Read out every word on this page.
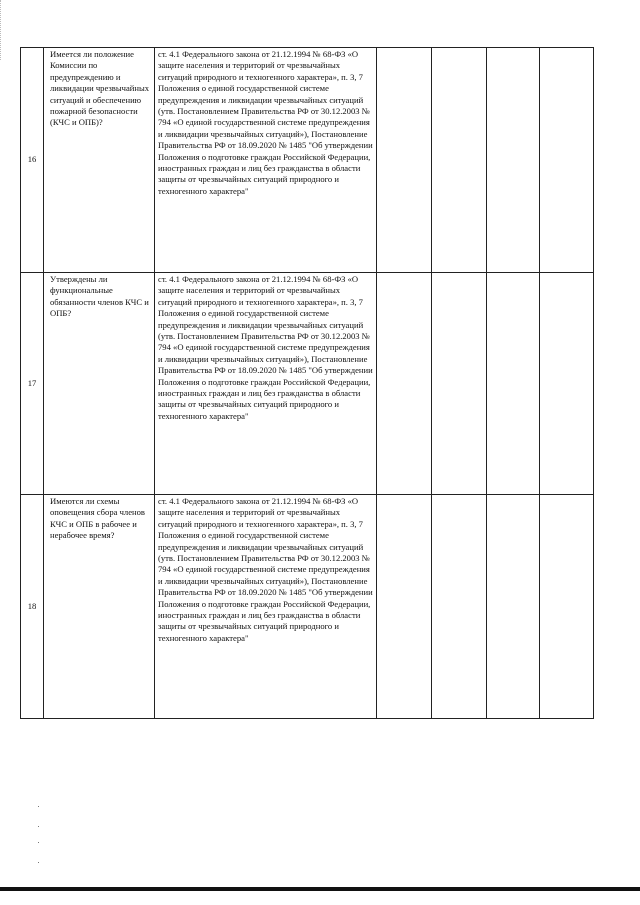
16	Имеется ли положение Комиссии по предупреждению и ликвидации чрезвычайных ситуаций и обеспечению пожарной безопасности (КЧС и ОПБ)?	ст. 4.1 Федерального закона от 21.12.1994 № 68-ФЗ «О защите населения и территорий от чрезвычайных ситуаций природного и техногенного характера», п. 3, 7 Положения о единой государственной системе предупреждения и ликвидации чрезвычайных ситуаций (утв. Постановлением Правительства РФ от 30.12.2003 № 794 «О единой государственной системе предупреждения и ликвидации чрезвычайных ситуаций»), Постановление Правительства РФ от 18.09.2020 № 1485 "Об утверждении Положения о подготовке граждан Российской Федерации, иностранных граждан и лиц без гражданства в области защиты от чрезвычайных ситуаций природного и техногенного характера"				
17	Утверждены ли функциональные обязанности членов КЧС и ОПБ?	ст. 4.1 Федерального закона от 21.12.1994 № 68-ФЗ «О защите населения и территорий от чрезвычайных ситуаций природного и техногенного характера», п. 3, 7 Положения о единой государственной системе предупреждения и ликвидации чрезвычайных ситуаций (утв. Постановлением Правительства РФ от 30.12.2003 № 794 «О единой государственной системе предупреждения и ликвидации чрезвычайных ситуаций»), Постановление Правительства РФ от 18.09.2020 № 1485 "Об утверждении Положения о подготовке граждан Российской Федерации, иностранных граждан и лиц без гражданства в области защиты от чрезвычайных ситуаций природного и техногенного характера"				
18	Имеются ли схемы оповещения сбора членов КЧС и ОПБ в рабочее и нерабочее время?	ст. 4.1 Федерального закона от 21.12.1994 № 68-ФЗ «О защите населения и территорий от чрезвычайных ситуаций природного и техногенного характера», п. 3, 7 Положения о единой государственной системе предупреждения и ликвидации чрезвычайных ситуаций (утв. Постановлением Правительства РФ от 30.12.2003 № 794 «О единой государственной системе предупреждения и ликвидации чрезвычайных ситуаций»), Постановление Правительства РФ от 18.09.2020 № 1485 "Об утверждении Положения о подготовке граждан Российской Федерации, иностранных граждан и лиц без гражданства в области защиты от чрезвычайных ситуаций природного и техногенного характера"				
